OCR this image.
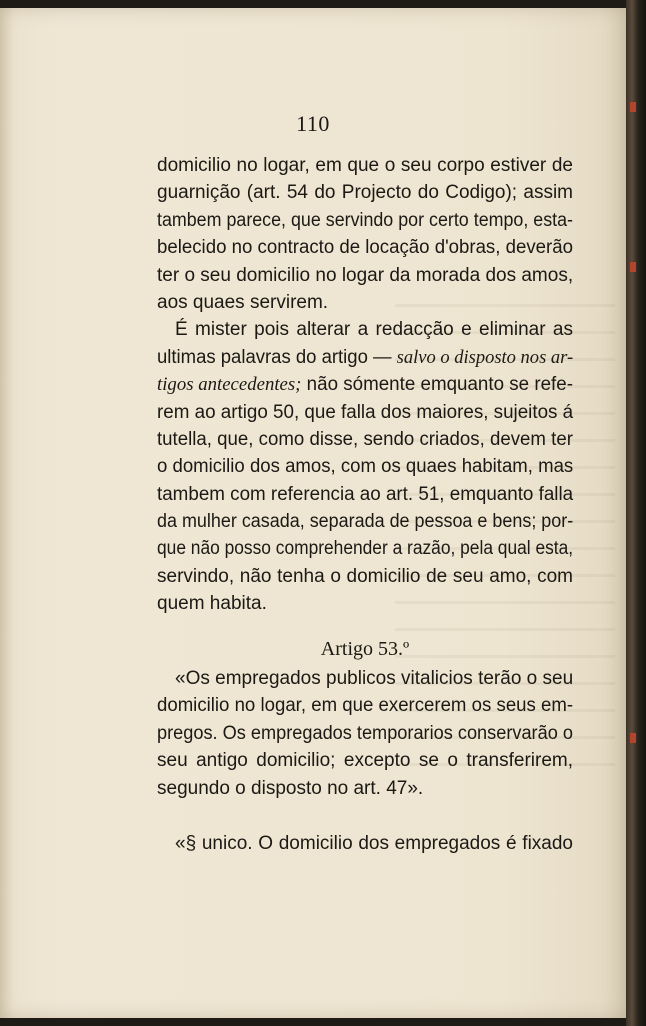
110
domicilio no logar, em que o seu corpo estiver de
guarnição (art. 54 do Projecto do Codigo); assim
tambem parece, que servindo por certo tempo, esta-
belecido no contracto de locação d'obras, deverão
ter o seu domicilio no logar da morada dos amos,
aos quaes servirem.
É mister pois alterar a redacção e eliminar as
ultimas palavras do artigo — salvo o disposto nos ar-
tigos antecedentes; não sómente emquanto se refe-
rem ao artigo 50, que falla dos maiores, sujeitos á
tutella, que, como disse, sendo criados, devem ter
o domicilio dos amos, com os quaes habitam, mas
tambem com referencia ao art. 51, emquanto falla
da mulher casada, separada de pessoa e bens; por-
que não posso comprehender a razão, pela qual esta,
servindo, não tenha o domicilio de seu amo, com
quem habita.
Artigo 53.º
«Os empregados publicos vitalicios terão o seu
domicilio no logar, em que exercerem os seus em-
pregos. Os empregados temporarios conservarão o
seu antigo domicilio; excepto se o transferirem,
segundo o disposto no art. 47».
«§ unico. O domicilio dos empregados é fixado
